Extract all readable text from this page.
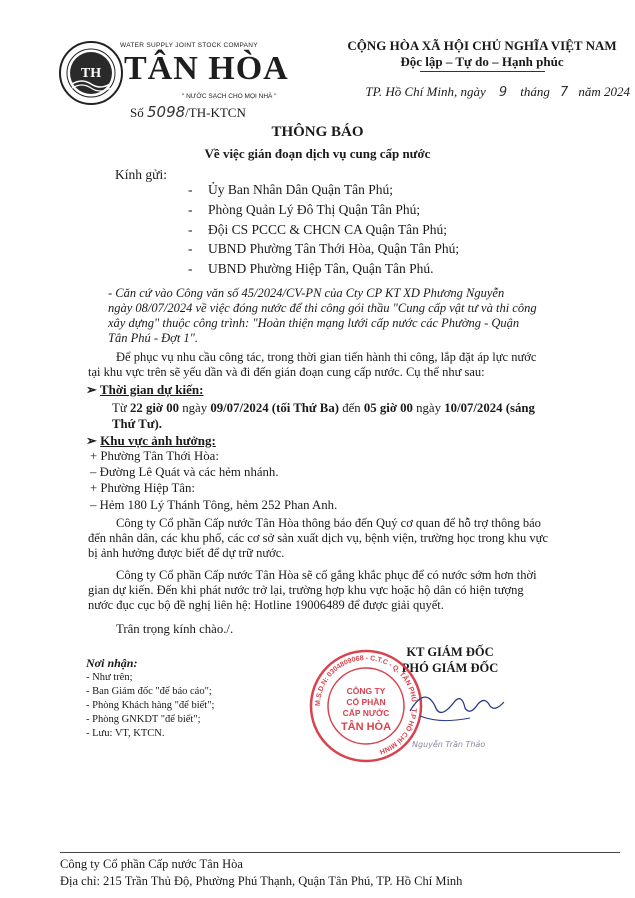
TH
WATER SUPPLY JOINT STOCK COMPANY
TÂN HÒA
" NƯỚC SẠCH CHO MỌI NHÀ "
CỘNG HÒA XÃ HỘI CHỦ NGHĨA VIỆT NAM
Độc lập – Tự do – Hạnh phúc
TP. Hồ Chí Minh, ngày 9 tháng 7 năm 2024
Số 5098/TH-KTCN
THÔNG BÁO
Về việc gián đoạn dịch vụ cung cấp nước
Kính gửi:
- Ủy Ban Nhân Dân Quận Tân Phú;
- Phòng Quản Lý Đô Thị Quận Tân Phú;
- Đội CS PCCC & CHCN CA Quận Tân Phú;
- UBND Phường Tân Thới Hòa, Quận Tân Phú;
- UBND Phường Hiệp Tân, Quận Tân Phú.
- Căn cứ vào Công văn số 45/2024/CV-PN của Cty CP KT XD Phương Nguyễn
ngày 08/07/2024 về việc đóng nước để thi công gói thầu "Cung cấp vật tư và thi công
xây dựng" thuộc công trình: "Hoàn thiện mạng lưới cấp nước các Phường - Quận
Tân Phú - Đợt 1".
Để phục vụ nhu cầu công tác, trong thời gian tiến hành thi công, lắp đặt áp lực nước
tại khu vực trên sẽ yếu dần và đi đến gián đoạn cung cấp nước. Cụ thể như sau:
➢ Thời gian dự kiến:
Từ 22 giờ 00 ngày 09/07/2024 (tối Thứ Ba) đến 05 giờ 00 ngày 10/07/2024 (sáng
Thứ Tư).
➢ Khu vực ảnh hưởng:
+ Phường Tân Thới Hòa:
– Đường Lê Quát và các hẻm nhánh.
+ Phường Hiệp Tân:
– Hẻm 180 Lý Thánh Tông, hẻm 252 Phan Anh.
Công ty Cổ phần Cấp nước Tân Hòa thông báo đến Quý cơ quan để hỗ trợ thông báo
đến nhân dân, các khu phố, các cơ sở sản xuất dịch vụ, bệnh viện, trường học trong khu vực
bị ảnh hưởng được biết để dự trữ nước.
Công ty Cổ phần Cấp nước Tân Hòa sẽ cố gắng khắc phục để có nước sớm hơn thời
gian dự kiến. Đến khi phát nước trở lại, trường hợp khu vực hoặc hộ dân có hiện tượng
nước đục cục bộ đề nghị liên hệ: Hotline 19006489 để được giải quyết.
Trân trọng kính chào./.
KT GIÁM ĐỐC
PHÓ GIÁM ĐỐC
M.S.D.N: 0304809068 - C.T.C - Q. TÂN PHÚ - T.P HỒ CHÍ MINH
CÔNG TY
CỔ PHẦN
CẤP NƯỚC
TÂN HÒA
Nguyễn Trần Thảo
Nơi nhận:
- Như trên;
- Ban Giám đốc "để báo cáo";
- Phòng Khách hàng "để biết";
- Phòng GNKDT "để biết";
- Lưu: VT, KTCN.
Công ty Cổ phần Cấp nước Tân Hòa
Địa chỉ: 215 Trần Thủ Độ, Phường Phú Thạnh, Quận Tân Phú, TP. Hồ Chí Minh
